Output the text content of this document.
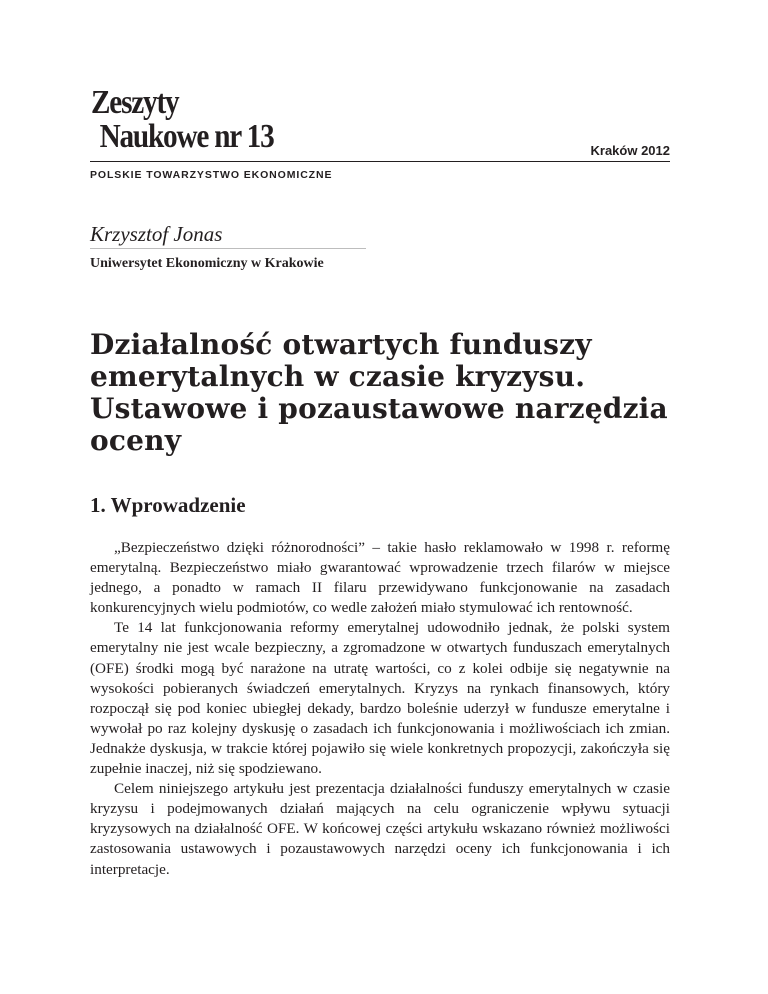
Zeszyty
Naukowe nr 13	Kraków 2012
POLSKIE TOWARZYSTWO EKONOMICZNE
Krzysztof Jonas
Uniwersytet Ekonomiczny w Krakowie
Działalność otwartych funduszy emerytalnych w czasie kryzysu. Ustawowe i pozaustawowe narzędzia oceny
1. Wprowadzenie

„Bezpieczeństwo dzięki różnorodności” – takie hasło reklamowało w 1998 r. reformę emerytalną. Bezpieczeństwo miało gwarantować wprowadzenie trzech filarów w miejsce jednego, a ponadto w ramach II filaru przewidywano funkcjonowanie na zasadach konkurencyjnych wielu podmiotów, co wedle założeń miało stymulować ich rentowność.

Te 14 lat funkcjonowania reformy emerytalnej udowodniło jednak, że polski system emerytalny nie jest wcale bezpieczny, a zgromadzone w otwartych funduszach emerytalnych (OFE) środki mogą być narażone na utratę wartości, co z kolei odbije się negatywnie na wysokości pobieranych świadczeń emerytalnych. Kryzys na rynkach finansowych, który rozpoczął się pod koniec ubiegłej dekady, bardzo boleśnie uderzył w fundusze emerytalne i wywołał po raz kolejny dyskusję o zasadach ich funkcjonowania i możliwościach ich zmian. Jednakże dyskusja, w trakcie której pojawiło się wiele konkretnych propozycji, zakończyła się zupełnie inaczej, niż się spodziewano.

Celem niniejszego artykułu jest prezentacja działalności funduszy emerytalnych w czasie kryzysu i podejmowanych działań mających na celu ograniczenie wpływu sytuacji kryzysowych na działalność OFE. W końcowej części artykułu wskazano również możliwości zastosowania ustawowych i pozaustawowych narzędzi oceny ich funkcjonowania i ich interpretacje.
